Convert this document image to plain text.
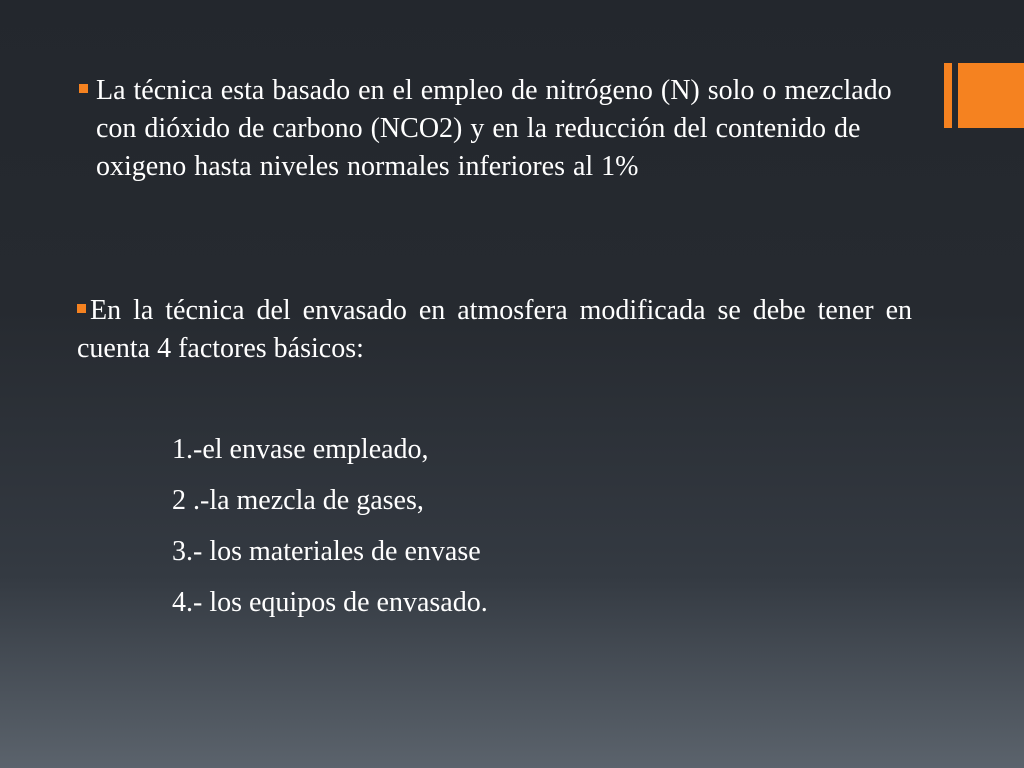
La técnica esta basado en el empleo de nitrógeno (N) solo o mezclado con dióxido de carbono (NCO2) y en la reducción del contenido de oxigeno hasta niveles normales inferiores al 1%
En la técnica del envasado en atmosfera modificada se debe tener en cuenta 4 factores básicos:
1.-el envase empleado,
2 .-la mezcla de gases,
3.- los materiales de envase
4.- los equipos de envasado.
